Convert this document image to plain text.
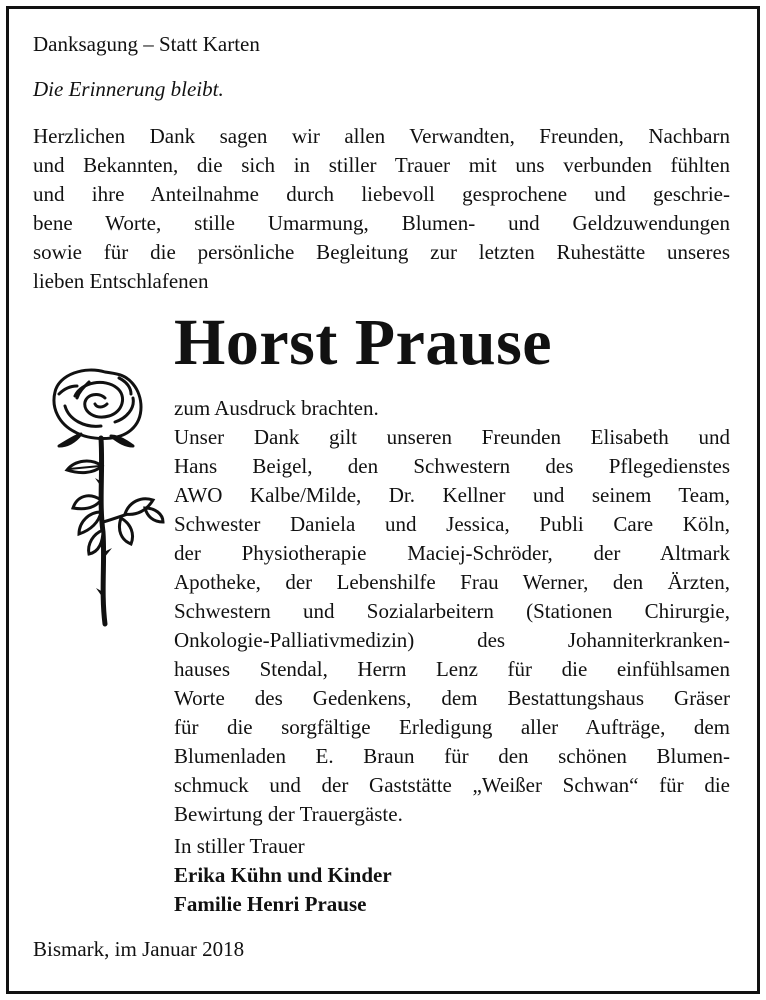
Danksagung – Statt Karten
Die Erinnerung bleibt.
Herzlichen Dank sagen wir allen Verwandten, Freunden, Nachbarn
und Bekannten, die sich in stiller Trauer mit uns verbunden fühlten
und ihre Anteilnahme durch liebevoll gesprochene und geschrie-
bene Worte, stille Umarmung, Blumen- und Geldzuwendungen
sowie für die persönliche Begleitung zur letzten Ruhestätte unseres
lieben Entschlafenen
Horst Prause
zum Ausdruck brachten.
Unser Dank gilt unseren Freunden Elisabeth und
Hans Beigel, den Schwestern des Pflegedienstes
AWO Kalbe/Milde, Dr. Kellner und seinem Team,
Schwester Daniela und Jessica, Publi Care Köln,
der Physiotherapie Maciej-Schröder, der Altmark
Apotheke, der Lebenshilfe Frau Werner, den Ärzten,
Schwestern und Sozialarbeitern (Stationen Chirurgie,
Onkologie-Palliativmedizin) des Johanniterkranken-
hauses Stendal, Herrn Lenz für die einfühlsamen
Worte des Gedenkens, dem Bestattungshaus Gräser
für die sorgfältige Erledigung aller Aufträge, dem
Blumenladen E. Braun für den schönen Blumen-
schmuck und der Gaststätte „Weißer Schwan“ für die
Bewirtung der Trauergäste.
In stiller Trauer
Erika Kühn und Kinder
Familie Henri Prause
Bismark, im Januar 2018
